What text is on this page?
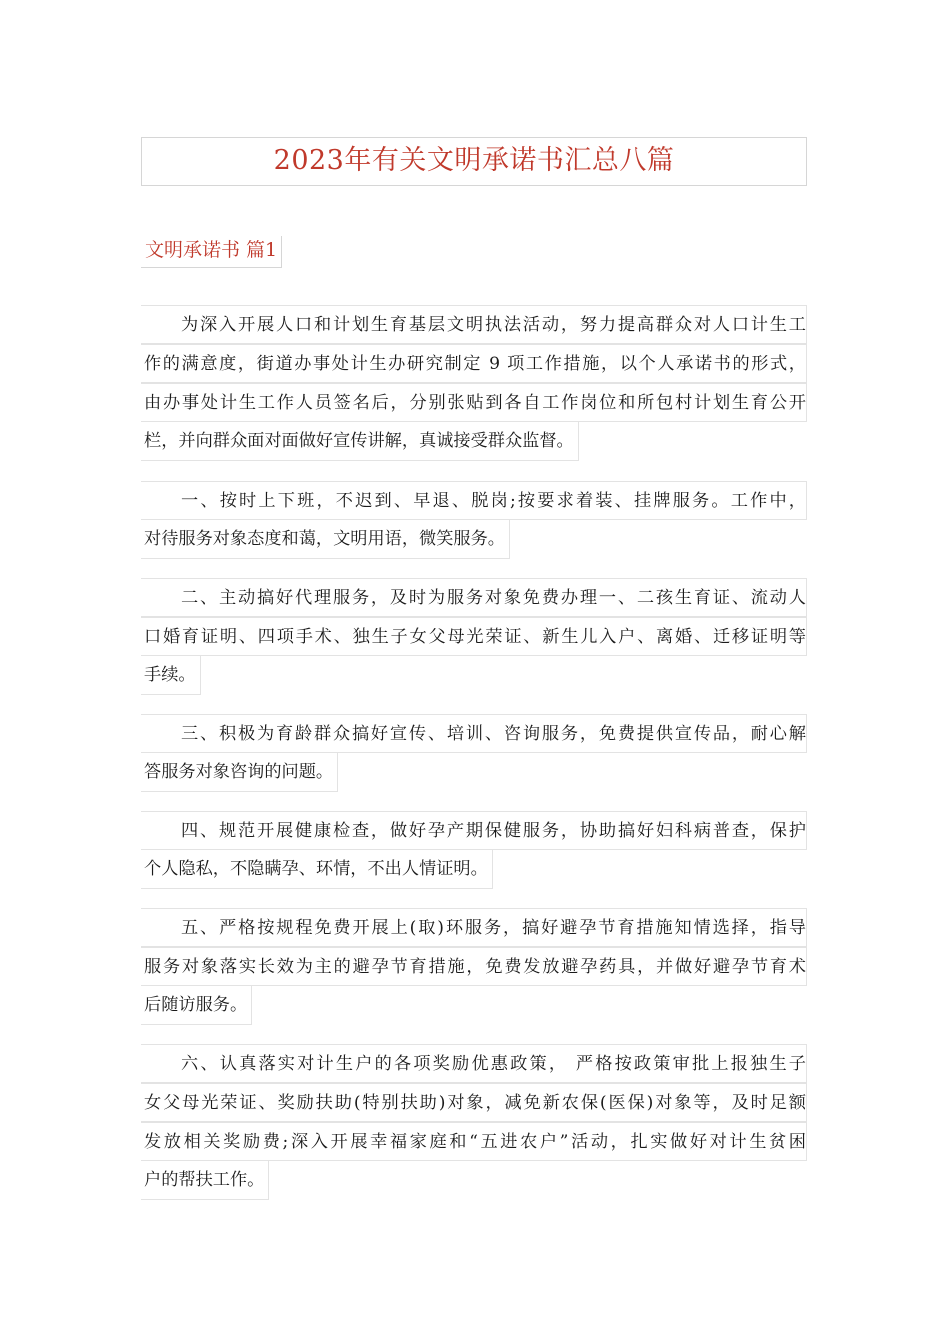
2023年有关文明承诺书汇总八篇
文明承诺书 篇1
为深入开展人口和计划生育基层文明执法活动，努力提高群众对人口计生工
作的满意度，街道办事处计生办研究制定 9 项工作措施，以个人承诺书的形式，
由办事处计生工作人员签名后，分别张贴到各自工作岗位和所包村计划生育公开
栏，并向群众面对面做好宣传讲解，真诚接受群众监督。
一、按时上下班，不迟到、早退、脱岗;按要求着装、挂牌服务。工作中，
对待服务对象态度和蔼，文明用语，微笑服务。
二、主动搞好代理服务，及时为服务对象免费办理一、二孩生育证、流动人
口婚育证明、四项手术、独生子女父母光荣证、新生儿入户、离婚、迁移证明等
手续。
三、积极为育龄群众搞好宣传、培训、咨询服务，免费提供宣传品，耐心解
答服务对象咨询的问题。
四、规范开展健康检查，做好孕产期保健服务，协助搞好妇科病普查，保护
个人隐私，不隐瞒孕、环情，不出人情证明。
五、严格按规程免费开展上(取)环服务，搞好避孕节育措施知情选择，指导
服务对象落实长效为主的避孕节育措施，免费发放避孕药具，并做好避孕节育术
后随访服务。
六、认真落实对计生户的各项奖励优惠政策， 严格按政策审批上报独生子
女父母光荣证、奖励扶助(特别扶助)对象，减免新农保(医保)对象等，及时足额
发放相关奖励费;深入开展幸福家庭和“五进农户”活动，扎实做好对计生贫困
户的帮扶工作。
